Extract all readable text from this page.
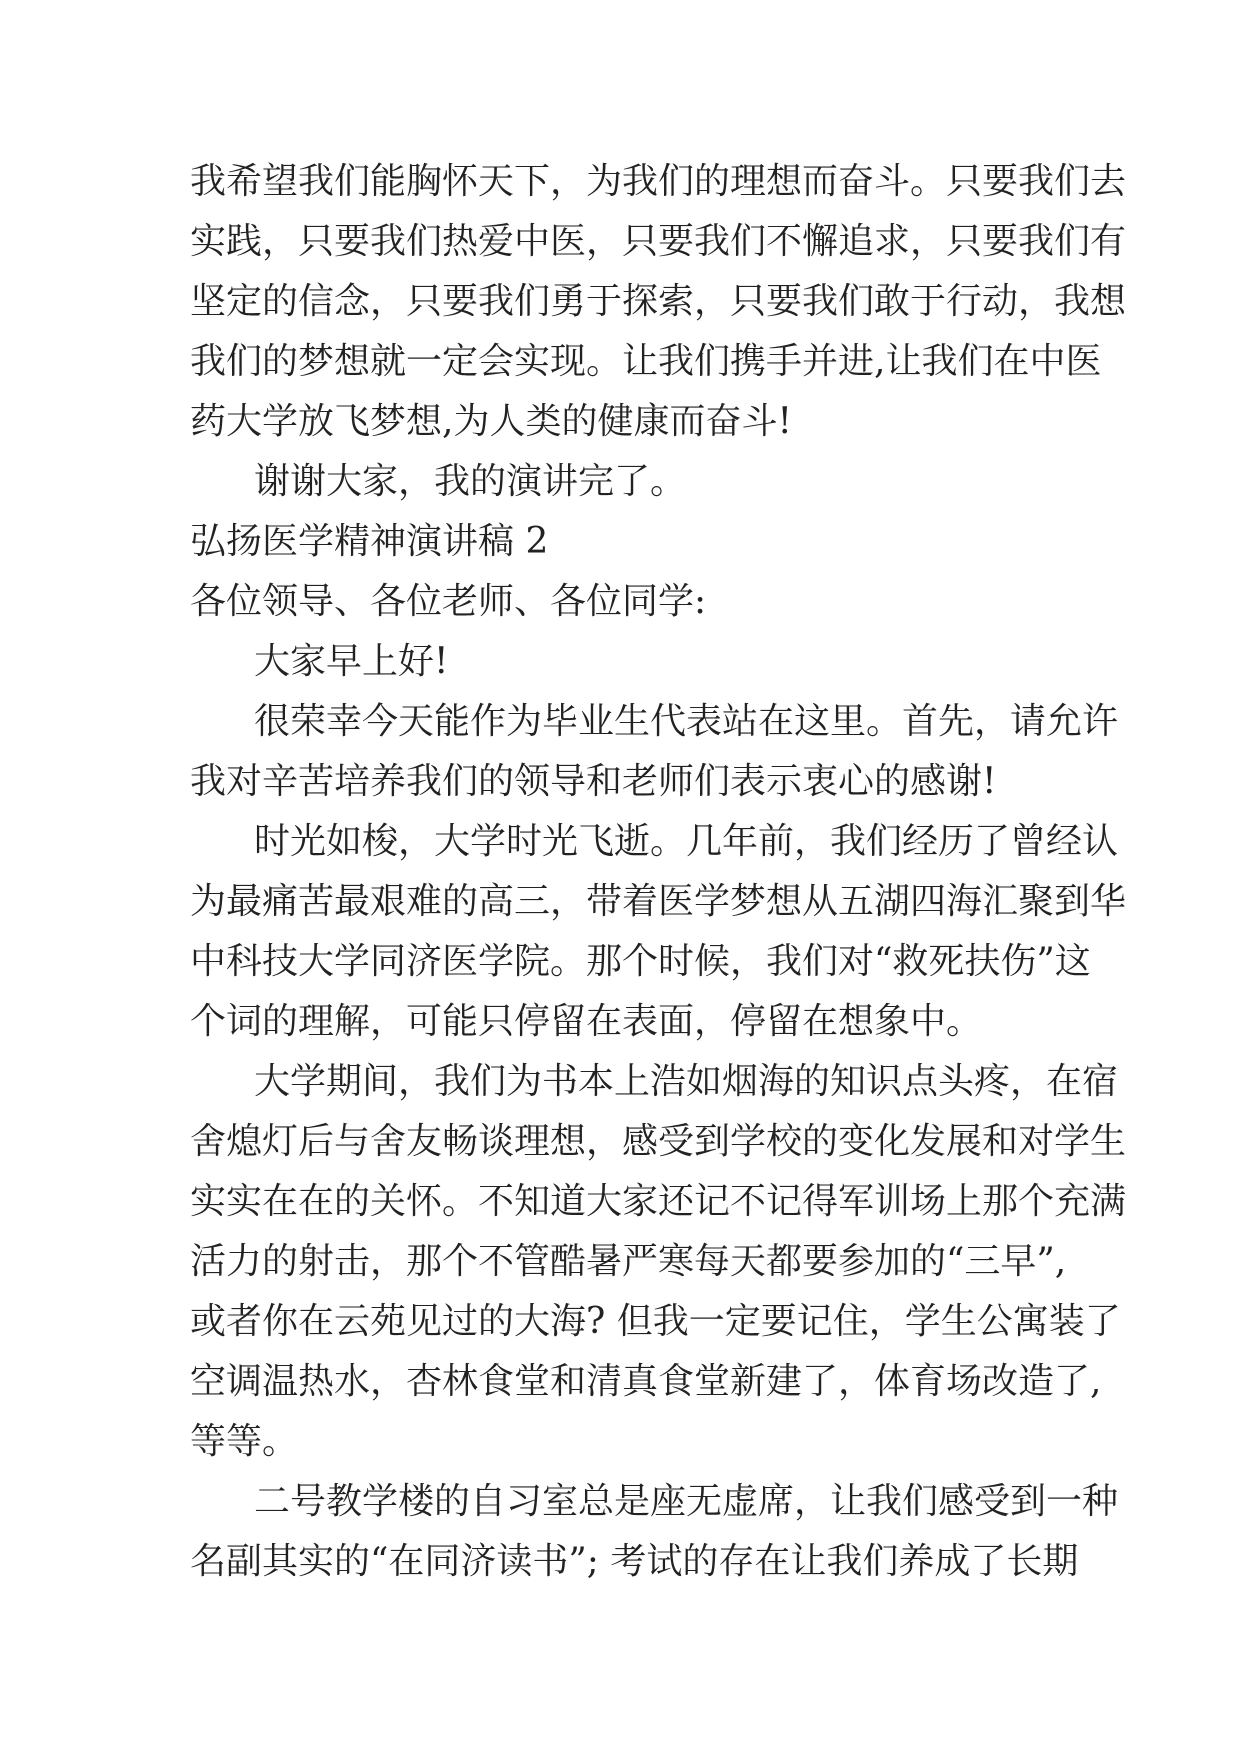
我希望我们能胸怀天下，为我们的理想而奋斗。只要我们去
实践，只要我们热爱中医，只要我们不懈追求，只要我们有
坚定的信念，只要我们勇于探索，只要我们敢于行动，我想
我们的梦想就一定会实现。让我们携手并进,让我们在中医
药大学放飞梦想,为人类的健康而奋斗!
谢谢大家，我的演讲完了。
弘扬医学精神演讲稿 2
各位领导、各位老师、各位同学:
大家早上好!
很荣幸今天能作为毕业生代表站在这里。首先，请允许
我对辛苦培养我们的领导和老师们表示衷心的感谢!
时光如梭，大学时光飞逝。几年前，我们经历了曾经认
为最痛苦最艰难的高三，带着医学梦想从五湖四海汇聚到华
中科技大学同济医学院。那个时候，我们对“救死扶伤”这
个词的理解，可能只停留在表面，停留在想象中。
大学期间，我们为书本上浩如烟海的知识点头疼，在宿
舍熄灯后与舍友畅谈理想，感受到学校的变化发展和对学生
实实在在的关怀。不知道大家还记不记得军训场上那个充满
活力的射击，那个不管酷暑严寒每天都要参加的“三早”,
或者你在云苑见过的大海? 但我一定要记住，学生公寓装了
空调温热水，杏林食堂和清真食堂新建了，体育场改造了,
等等。
二号教学楼的自习室总是座无虚席，让我们感受到一种
名副其实的“在同济读书”; 考试的存在让我们养成了长期
